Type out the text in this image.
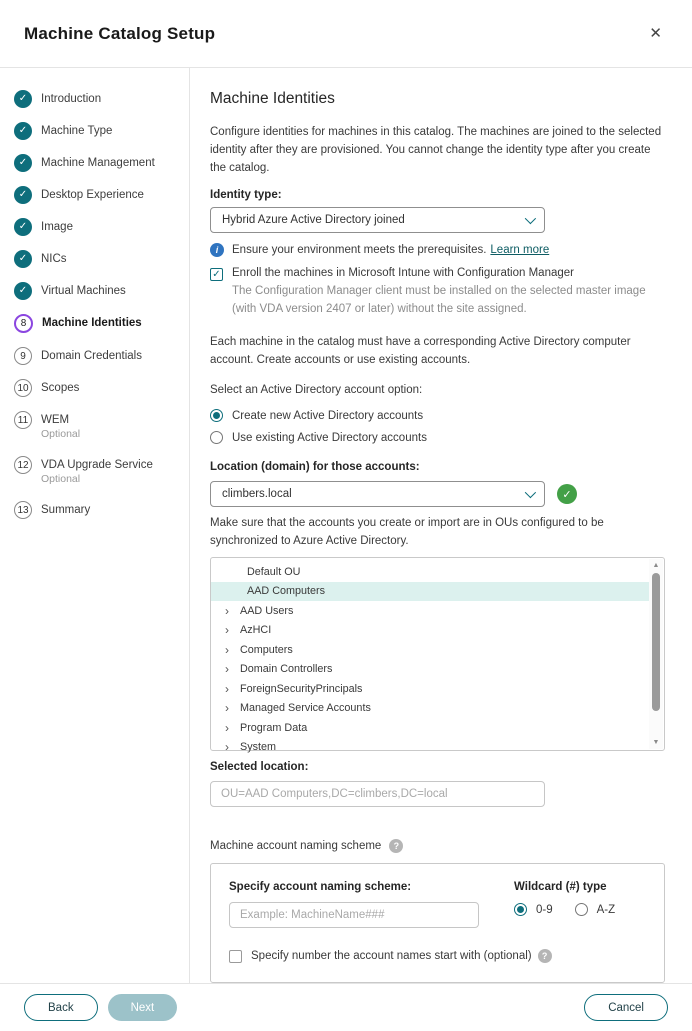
Machine Catalog Setup	✕
✓ Introduction
✓ Machine Type
✓ Machine Management
✓ Desktop Experience
✓ Image
✓ NICs
✓ Virtual Machines
8	Machine Identities
9	Domain Credentials
10 Scopes
11	WEM
Optional
12 VDA Upgrade Service
Optional
13 Summary
Machine Identities

Configure identities for machines in this catalog. The machines are joined to the selected identity after they are provisioned. You cannot change the identity type after you create the catalog.

Identity type:
Hybrid Azure Active Directory joined
i	Ensure your environment meets the prerequisites. Learn more
✓ Enroll the machines in Microsoft Intune with Configuration Manager
The Configuration Manager client must be installed on the selected master image (with VDA version 2407 or later) without the site assigned.

Each machine in the catalog must have a corresponding Active Directory computer account. Create accounts or use existing accounts.

Select an Active Directory account option:
Create new Active Directory accounts
Use existing Active Directory accounts
Location (domain) for those accounts:
climbers.local	✓

Make sure that the accounts you create or import are in OUs configured to be synchronized to Azure Active Directory.

Default OU
AAD Computers
› AAD Users
› AzHCI
› Computers
› Domain Controllers
› ForeignSecurityPrincipals
› Managed Service Accounts
› Program Data
› System
▲
▼
Selected location:
OU=AAD Computers,DC=climbers,DC=local
Machine account naming scheme	?
Specify account naming scheme:
Example: MachineName###	Wildcard (#) type
0-9	A-Z
Specify number the account names start with (optional)	?
Back	Next	Cancel
